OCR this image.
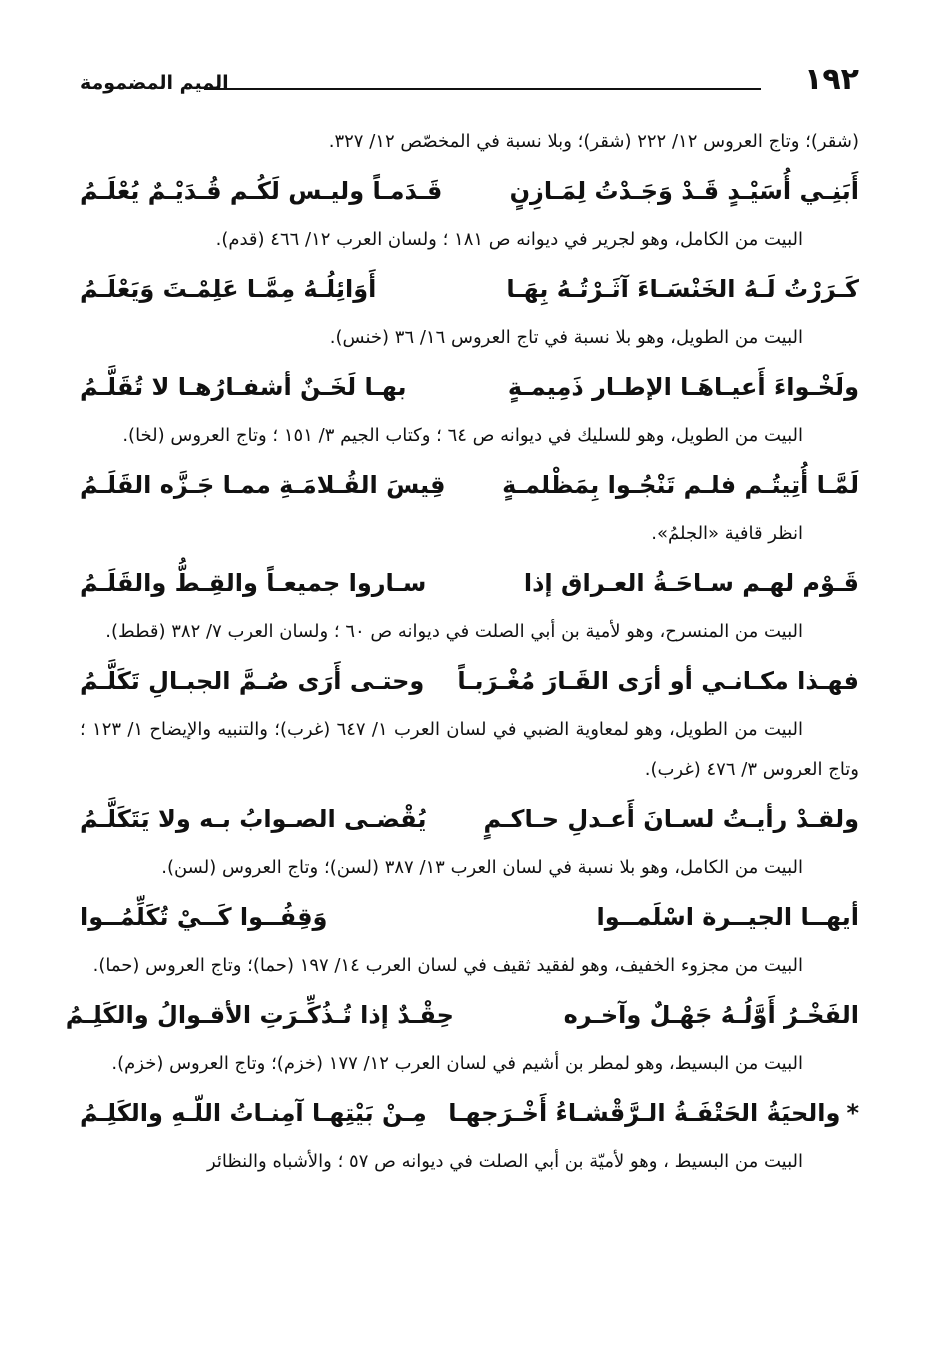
الميم المضمومة	١٩٢

(شقر)؛ وتاج العروس ١٢/ ٢٢٢ (شقر)؛ وبلا نسبة في المخصّص ١٢/ ٣٢٧.

أَبَنِـي أُسَيْـدٍ قَـدْ وَجَـدْتُ لِمَـازِنٍ
قَـدَمـاً وليـس لَكُـم قُـدَيْـمٌ يُعْلَـمُ

البيت من الكامل، وهو لجرير في ديوانه ص ١٨١ ؛ ولسان العرب ١٢/ ٤٦٦ (قدم).

كَـرَرْتُ لَـهُ الخَنْسَـاءَ آثَـرْتُـهُ بِهَـا
أَوَائِلُـهُ مِمَّـا عَلِمْـتَ وَيَعْلَـمُ

البيت من الطويل، وهو بلا نسبة في تاج العروس ١٦/ ٣٦ (خنس).

ولَخْـواءَ أَعيـاهَـا الإطـار ذَمِيمـةٍ
بهـا لَخَـنٌ أشفـارُهـا لا تُقَلَّـمُ

البيت من الطويل، وهو للسليك في ديوانه ص ٦٤ ؛ وكتاب الجيم ٣/ ١٥١ ؛ وتاج العروس (لخا).

لَمَّـا أُتِيتُـم فلـم تَنْجُـوا بِمَظْلمـةٍ
قِيسَ القُـلامَـةِ ممـا جَـزَّه القَلَـمُ

انظر قافية «الجلمُ».

قَـوْم لهـم سـاحَـةُ العـراق إذا
سـاروا جميعـاً والقِـطُّ والقَلَـمُ

البيت من المنسرح، وهو لأمية بن أبي الصلت في ديوانه ص ٦٠ ؛ ولسان العرب ٧/ ٣٨٢ (قطط).

فهـذا مكـانـي أو أرَى القَـارَ مُغْـرَبـاً
وحتـى أَرَى صُـمَّ الجبـالِ تَكَلَّـمُ

البيت من الطويل، وهو لمعاوية الضبي في لسان العرب ١/ ٦٤٧ (غرب)؛ والتنبيه والإيضاح ١/ ١٢٣ ؛ وتاج العروس ٣/ ٤٧٦ (غرب).

ولقـدْ رأيـتُ لسـانَ أَعـدلِ حـاكـمٍ
يُقْضـى الصـوابُ بـه ولا يَتَكَلَّـمُ

البيت من الكامل، وهو بلا نسبة في لسان العرب ١٣/ ٣٨٧ (لسن)؛ وتاج العروس (لسن).

أيهــا الجيــرة اسْلَمــوا
وَقِفُــوا كَــيْ تُكَلِّمُــوا

البيت من مجزوء الخفيف، وهو لفقيد ثقيف في لسان العرب ١٤/ ١٩٧ (حما)؛ وتاج العروس (حما).

الفَخْـرُ أَوَّلُـهُ جَهْـلٌ وآخـره
حِقْـدٌ إذا تُـذُكِّـرَتِ الأقـوالُ والكَلِـمُ

البيت من البسيط، وهو لمطر بن أشيم في لسان العرب ١٢/ ١٧٧ (خزم)؛ وتاج العروس (خزم).

*والحيَةُ الحَتْفَـةُ الـرَّقْشـاءُ أَخْـرَجهـا
مِـنْ بَيْتِهـا آمِنـاتُ اللّـهِ والكَلِـمُ

البيت من البسيط ، وهو لأميّة بن أبي الصلت في ديوانه ص ٥٧ ؛ والأشباه والنظائر
